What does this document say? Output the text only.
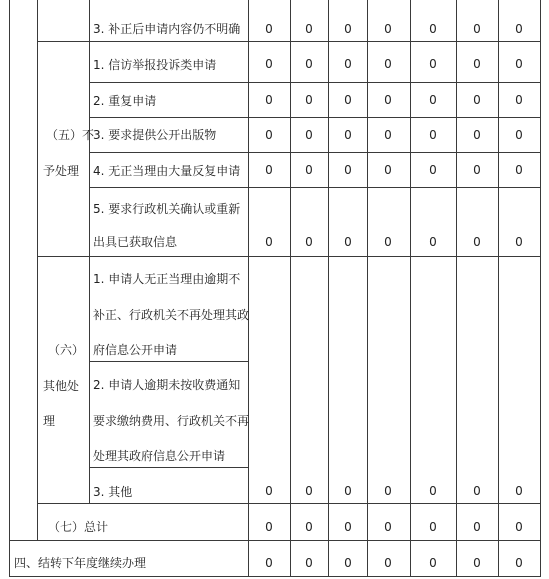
3. 补正后申请内容仍不明确	0	0	0	0	0	0	0
（五）不
予处理
1. 信访举报投诉类申请	0	0	0	0	0	0	0
2. 重复申请	0	0	0	0	0	0	0
3. 要求提供公开出版物	0	0	0	0	0	0	0
4. 无正当理由大量反复申请	0	0	0	0	0	0	0
5. 要求行政机关确认或重新
出具已获取信息	0	0	0	0	0	0	0
（六）
其他处
理
1. 申请人无正当理由逾期不
补正、行政机关不再处理其政
府信息公开申请
2. 申请人逾期未按收费通知
要求缴纳费用、行政机关不再
处理其政府信息公开申请
3. 其他	0	0	0	0	0	0	0
（七）总计	0	0	0	0	0	0	0
四、结转下年度继续办理	0	0	0	0	0	0	0
